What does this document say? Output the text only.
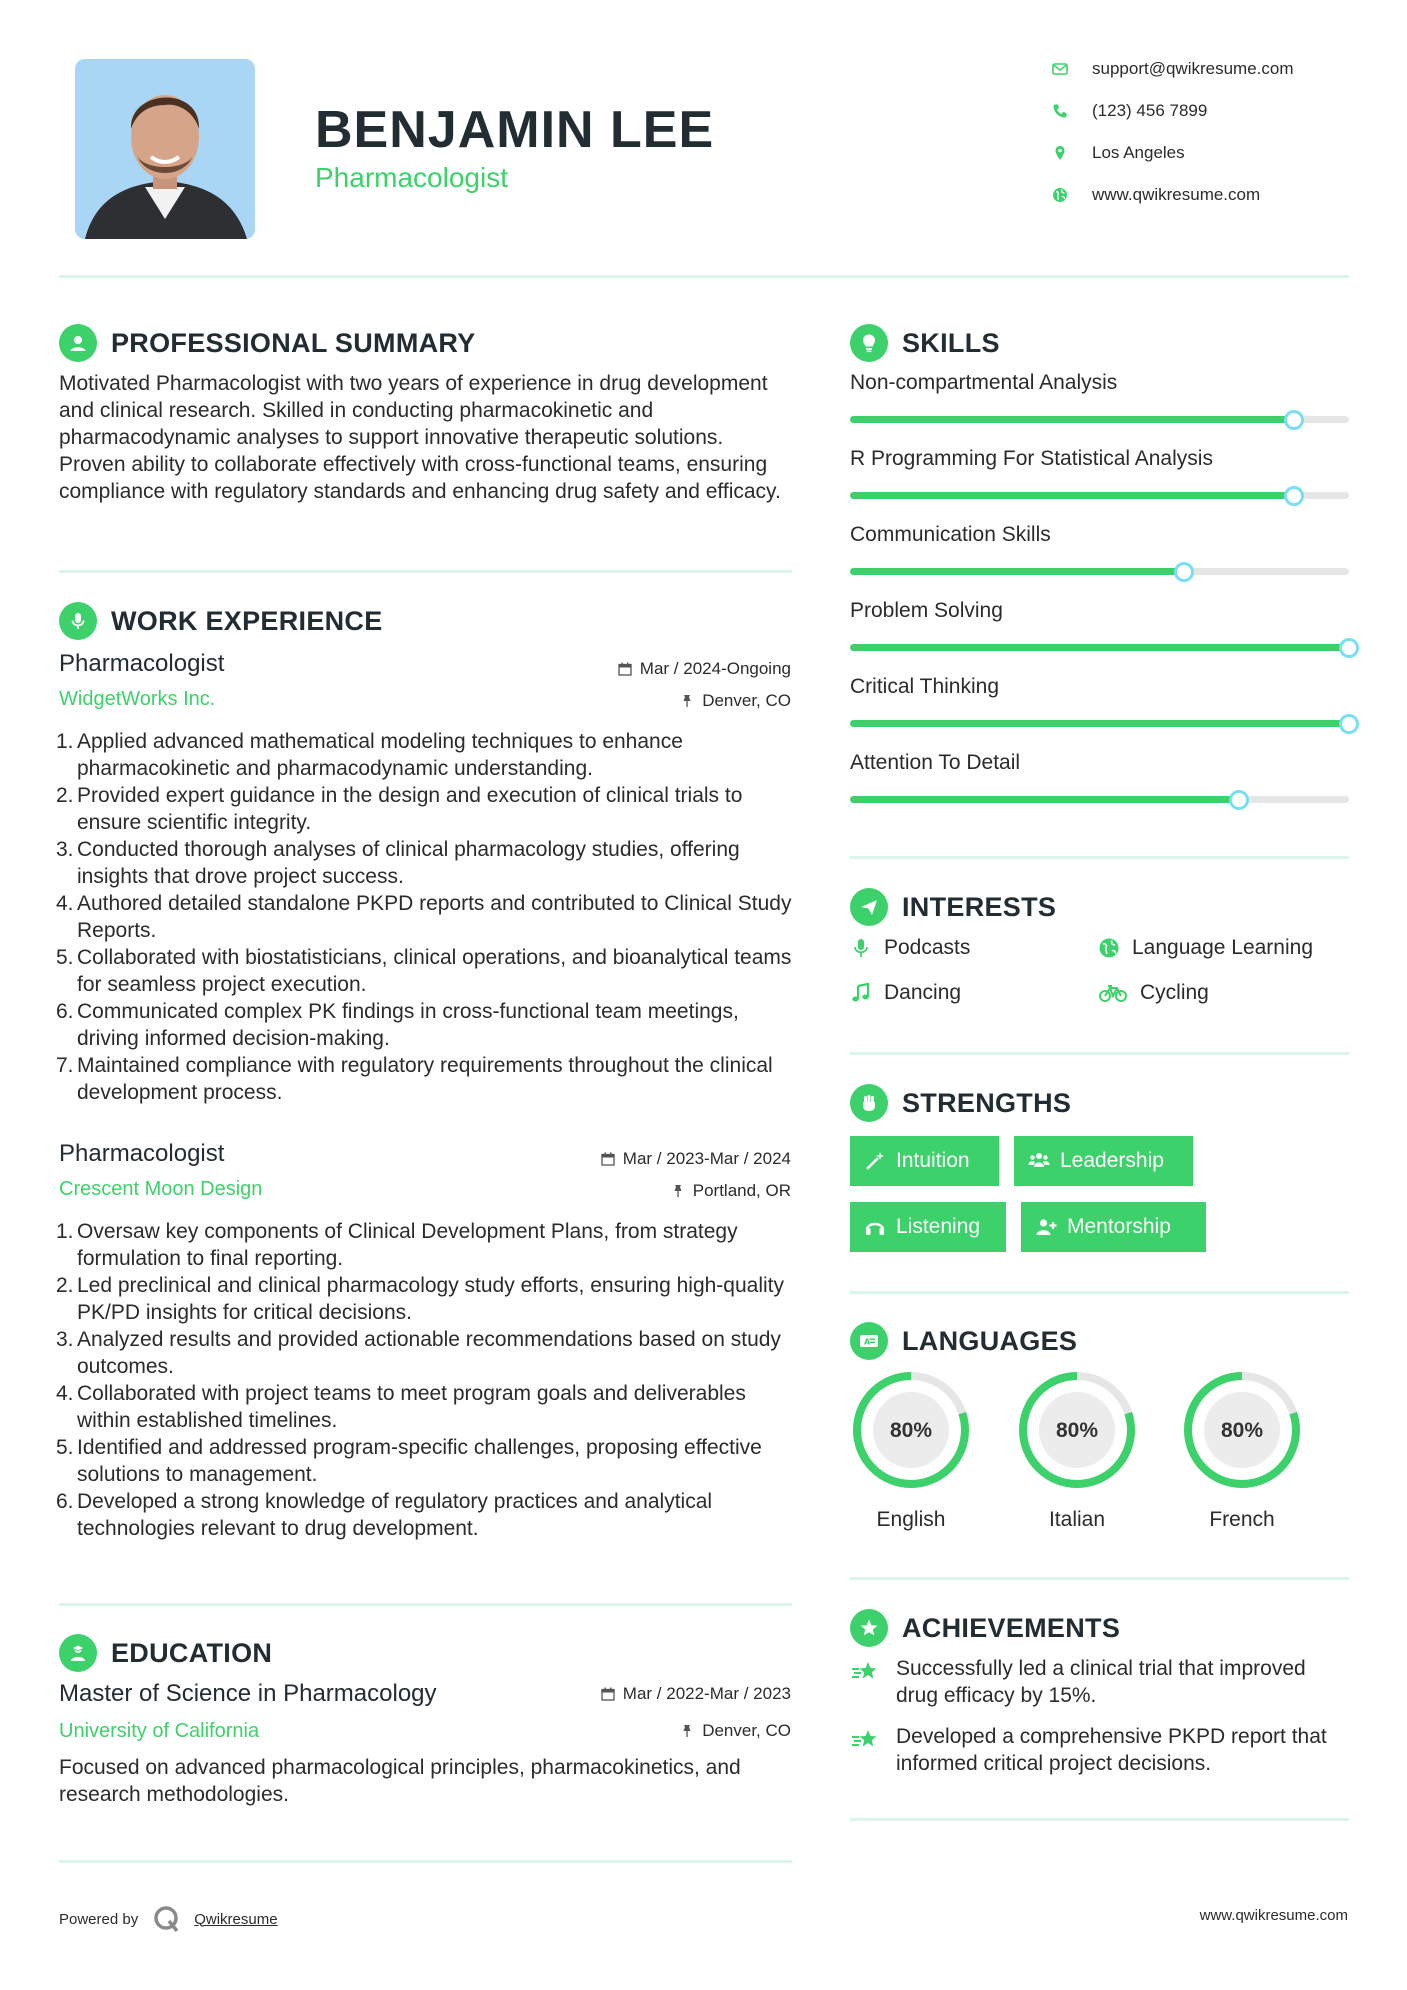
BENJAMIN LEE
Pharmacologist
support@qwikresume.com
(123) 456 7899
Los Angeles
www.qwikresume.com
PROFESSIONAL SUMMARY
Motivated Pharmacologist with two years of experience in drug development and clinical research. Skilled in conducting pharmacokinetic and pharmacodynamic analyses to support innovative therapeutic solutions. Proven ability to collaborate effectively with cross-functional teams, ensuring compliance with regulatory standards and enhancing drug safety and efficacy.
WORK EXPERIENCE
Pharmacologist	Mar / 2024-Ongoing
WidgetWorks Inc.	Denver, CO
1. Applied advanced mathematical modeling techniques to enhance pharmacokinetic and pharmacodynamic understanding.
2. Provided expert guidance in the design and execution of clinical trials to ensure scientific integrity.
3. Conducted thorough analyses of clinical pharmacology studies, offering insights that drove project success.
4. Authored detailed standalone PKPD reports and contributed to Clinical Study Reports.
5. Collaborated with biostatisticians, clinical operations, and bioanalytical teams for seamless project execution.
6. Communicated complex PK findings in cross-functional team meetings, driving informed decision-making.
7. Maintained compliance with regulatory requirements throughout the clinical development process.
Pharmacologist	Mar / 2023-Mar / 2024
Crescent Moon Design	Portland, OR
1. Oversaw key components of Clinical Development Plans, from strategy formulation to final reporting.
2. Led preclinical and clinical pharmacology study efforts, ensuring high-quality PK/PD insights for critical decisions.
3. Analyzed results and provided actionable recommendations based on study outcomes.
4. Collaborated with project teams to meet program goals and deliverables within established timelines.
5. Identified and addressed program-specific challenges, proposing effective solutions to management.
6. Developed a strong knowledge of regulatory practices and analytical technologies relevant to drug development.
EDUCATION
Master of Science in Pharmacology	Mar / 2022-Mar / 2023
University of California	Denver, CO
Focused on advanced pharmacological principles, pharmacokinetics, and research methodologies.
SKILLS
Non-compartmental Analysis
R Programming For Statistical Analysis
Communication Skills
Problem Solving
Critical Thinking
Attention To Detail
INTERESTS
Podcasts	Language Learning
Dancing	Cycling
STRENGTHS
Intuition	Leadership
Listening	Mentorship
A LANGUAGES
80%
English
80%
Italian
80%
French
ACHIEVEMENTS
Successfully led a clinical trial that improved drug efficacy by 15%.
Developed a comprehensive PKPD report that informed critical project decisions.
Powered by	Qwikresume	www.qwikresume.com
